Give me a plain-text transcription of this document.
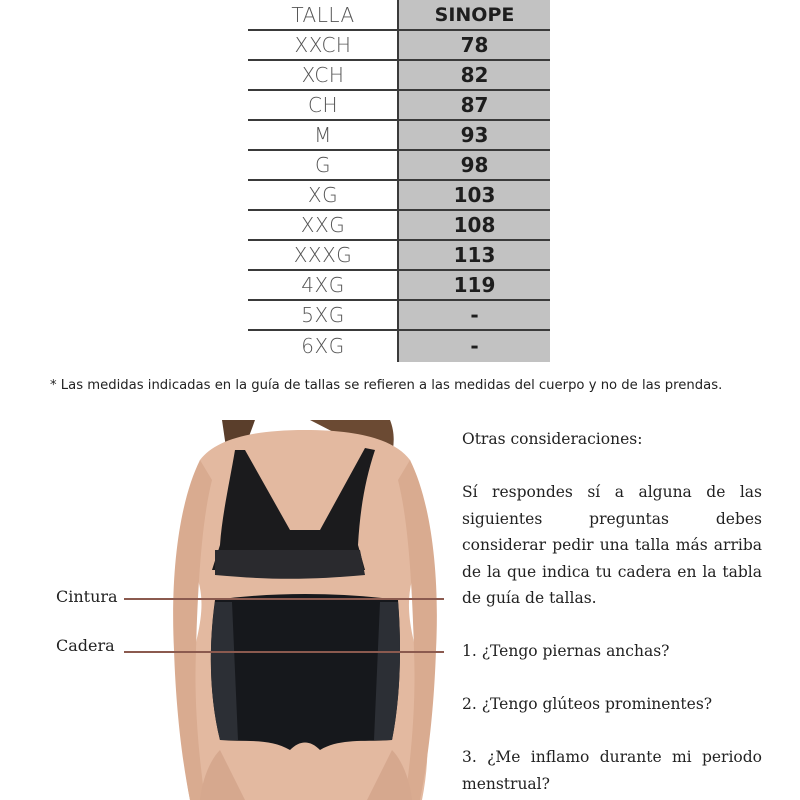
TALLA	SINOPE
XXCH	78
XCH	82
CH	87
M	93
G	98
XG	103
XXG	108
XXXG	113
4XG	119
5XG	-
6XG	-
* Las medidas indicadas en la guía de tallas se refieren a las medidas del cuerpo y no de las prendas.
Cintura
Cadera
Otras consideraciones:
Sí respondes sí a alguna de las siguientes preguntas debes considerar pedir una talla más arriba de la que indica tu cadera en la tabla de guía de tallas.
1. ¿Tengo piernas anchas?
2. ¿Tengo glúteos prominentes?
3. ¿Me inflamo durante mi periodo menstrual?
